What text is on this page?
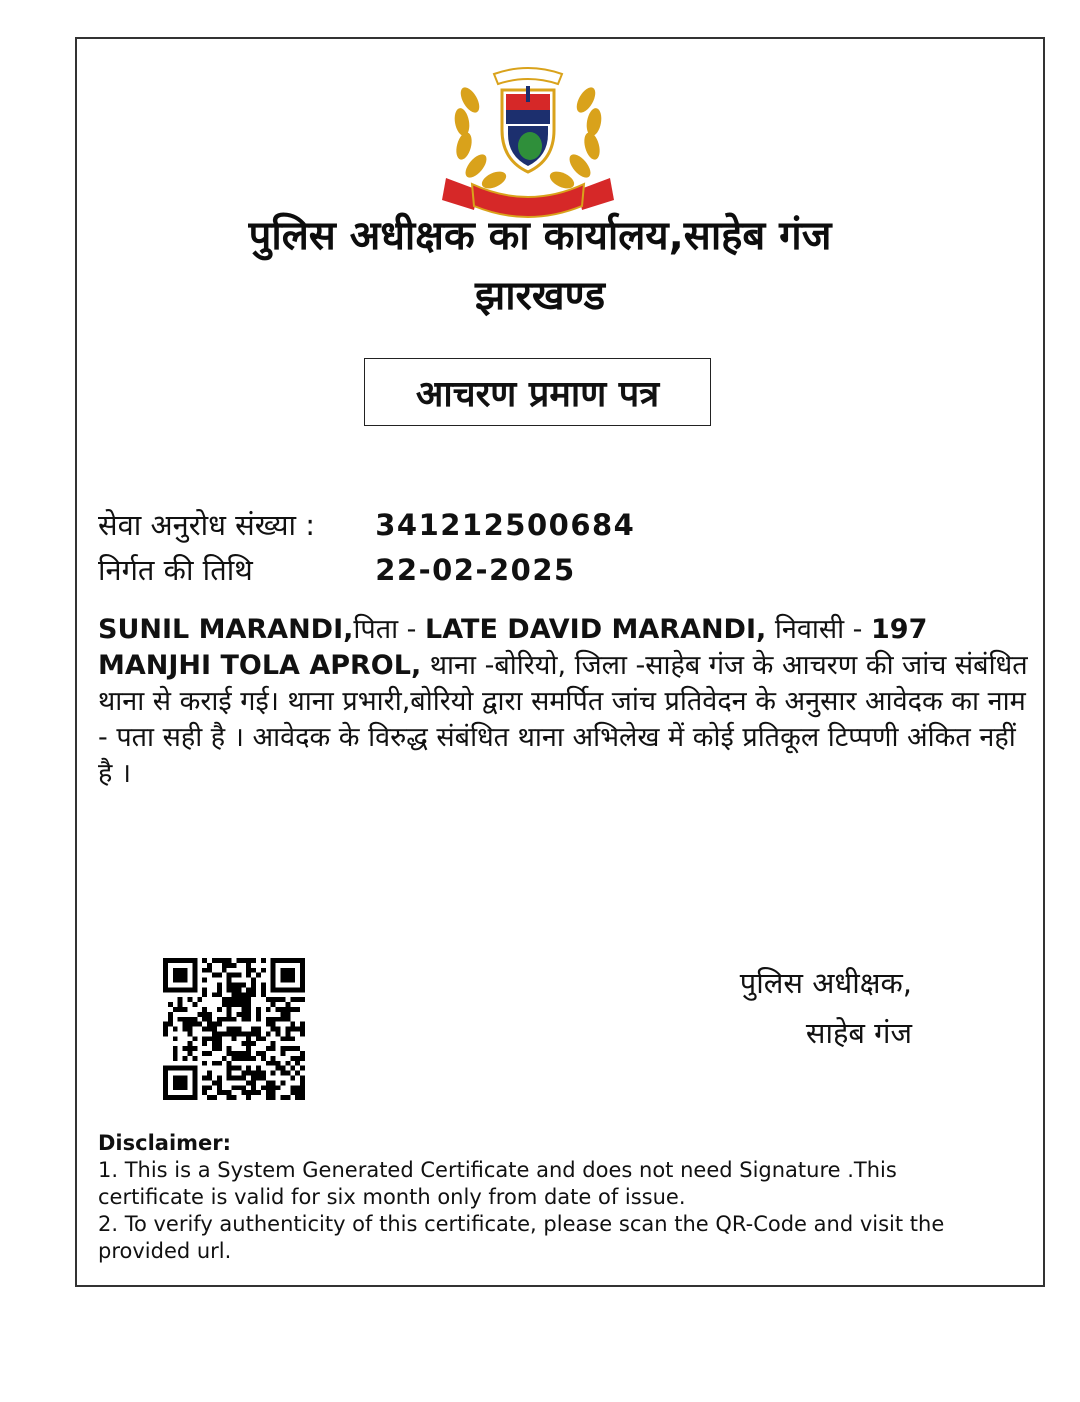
पुलिस अधीक्षक का कार्यालय,साहेब गंज
झारखण्ड
आचरण प्रमाण पत्र
सेवा अनुरोध संख्या : 341212500684
निर्गत की तिथि	22-02-2025

SUNIL MARANDI,पिता - LATE DAVID MARANDI, निवासी - 197 MANJHI TOLA APROL, थाना -बोरियो, जिला -साहेब गंज के आचरण की जांच संबंधित थाना से कराई गई। थाना प्रभारी,बोरियो द्वारा समर्पित जांच प्रतिवेदन के अनुसार आवेदक का नाम - पता सही है । आवेदक के विरुद्ध संबंधित थाना अभिलेख में कोई प्रतिकूल टिप्पणी अंकित नहीं है ।

पुलिस अधीक्षक,
साहेब गंज
Disclaimer:

1. This is a System Generated Certificate and does not need Signature .This certificate is valid for six month only from date of issue.

2. To verify authenticity of this certificate, please scan the QR-Code and visit the provided url.
